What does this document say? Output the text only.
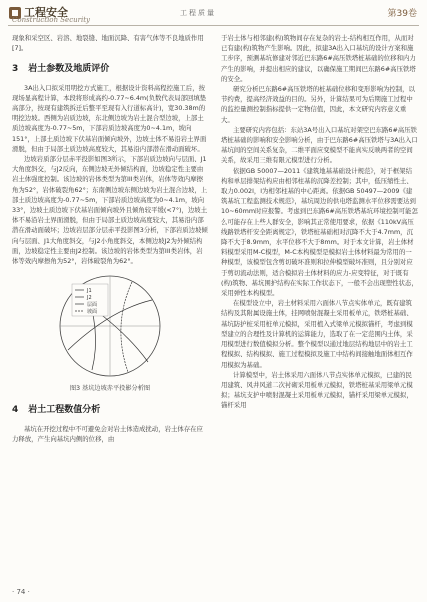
工程安全
Construction Security
工程质量	第39卷

现象和采空区、岩溶、地裂缝、地面沉降、有害气体等不良地质作用[7]。

3 岩土参数及地质评价

3A出入口拟采用明挖方式施工，根据设计资料高程控施工后，按现场显高程计算，本段将形成高约-0.77~6.4m(负数代表局部回填垫高部分，按现有建筑拆迁后整平至现有入行道标高计)，宽30.38m的明挖边坡。西侧为岩质边坡，东北侧边坡为岩土混合型边坡，上部土质边坡高度为-0.77~5m，下部岩质边坡高度为0~4.1m，坡向151°，上部土质边坡下伏基岩面倾向坡外，边坡土体不易沿岩土界面滑脱，但由于局部土质边坡高度较大，其易沿内部潜在滑动面破坏。

边坡岩质部分层赤平投影如图3所示，下部岩质边坡向与层面、J1大角度斜交，与J2反向，东侧边坡无外倾结构面，边坡稳定性主要由岩土体强度控制。该边坡的岩体类型为第III类岩体，岩体等效内摩擦角为52°，岩体破裂角62°；东南侧边坡东侧边坡为岩土混合边坡，上部土质边坡高度为-0.77~5m，下部岩质边坡高度为0~4.1m，坡向33°，边坡土质边坡下伏基岩面倾向坡外且倾角较平缓(<7°)，边坡土体不易沿岩土界面滑脱，但由于局部土质边坡高度较大，其易沿内部潜在滑动面破坏；边坡岩层部分层赤平投影图3分析，下部岩质边坡倾向与层面、J1大角度斜交，与J2小角度斜交，本侧边坡J2为外倾结构面，边坡稳定性主要由J2控制。该边坡的岩体类型为第III类岩体，岩体等效内摩擦角为52°，岩体破裂角为62°。

J1
J2
层面
坡面
图3 基坑边坡赤平投影分析图
4 岩土工程数值分析

基坑在开挖过程中不可避免会对岩土体造成扰动，岩土体存在应力释放，产生向基坑内侧的位移，由

于岩土体与相邻建(构)筑物间存在复杂的岩土-结构相互作用，从而对已有建(构)筑物产生影响。因此，拟建3A出入口基坑的设计方案和施工步序，预测基坑修建对邻近巴东路6#高压铁塔桩基础的位移和内力产生的影响，并提出相应的建议，以确保施工期间巴东路6#高压铁塔的安全。

研究分析巴东路6#高压铁塔的桩基础位移和变形影响为控制，以节约费，提高经济效益的目的。另外，计算结果可为后期施工过程中的监控量测控制指标提供一定物信值，因此，本文研究内容意义重大。

主要研究内容包括：东站3A号出入口基坑对架空巴东路6#高压铁塔桩基础的影响和安全影响分析，由于巴东路6#高压铁塔与3A出入口基坑间的空间关系复杂，二维平面应变模型不能真实反映两者的空间关系，故采用三维有限元模型进行分析。

依据GB 50007—2011《建筑地基基础设计规范》，对于框架结构和单层排架结构应由相邻柱基的沉降差控制；其中，低压缩性土、取力0.002l，l为相邻柱基的中心距离。依据GB 50497—2009《建筑基坑工程监测技术规范》，基坑周边的供电塔监测水平位移需要达到10~60mm时应报警。考虑到巴东路6#高压铁塔基坑环境控制可能怎么可能存在上些人群安全，影响其正常使用要求，依据《110kV高压线路铁塔杆安全距离规定》，铁塔桩基础相对沉降不大于4.7mm，沉降不大于8.9mm，水平位移不大于8mm。对于本文计算，岩土体材料模型采用M-C模型，M-C本构模型是模拟岩土体材料最为常用的一种模型，该模型包含剪切破坏准则和拉伸模型破坏准则，且分别对应于剪切流动法则，适合模拟岩土体材料的应力-应变特征，对于既有(构)筑物、基坑围护结构在实际工作状态下，一般不会出现塑性状态，采用弹性本构模型。

在模型设立中，岩土材料采用六面体八节点实体单元，既有建筑结构及其附属设施土体，挂网喷射混凝土采用板单元，铁塔桩基础、基坑防护桩采用桩单元模拟，采用植入式梁单元模拟锚杆，考虑到模型建立的合理性及计算机的运算能力，选取了在一定范围内土体，采用模型进行数值模拟分析。整个模型以通过地层结构地层中的岩土工程模拟、结构模拟、施工过程模拟及施工中结构间接触地面体相互作用模拟为基础。

计算模型中，岩土体采用六面体八节点实体单元模拟，已建的民用建筑、风井风道二次衬砌采用板单元模拟，铁塔桩基采用梁单元模拟；基坑支护中喷射混凝土采用板单元模拟，锚杆采用梁单元模拟，锚杆采用

· 74 ·
